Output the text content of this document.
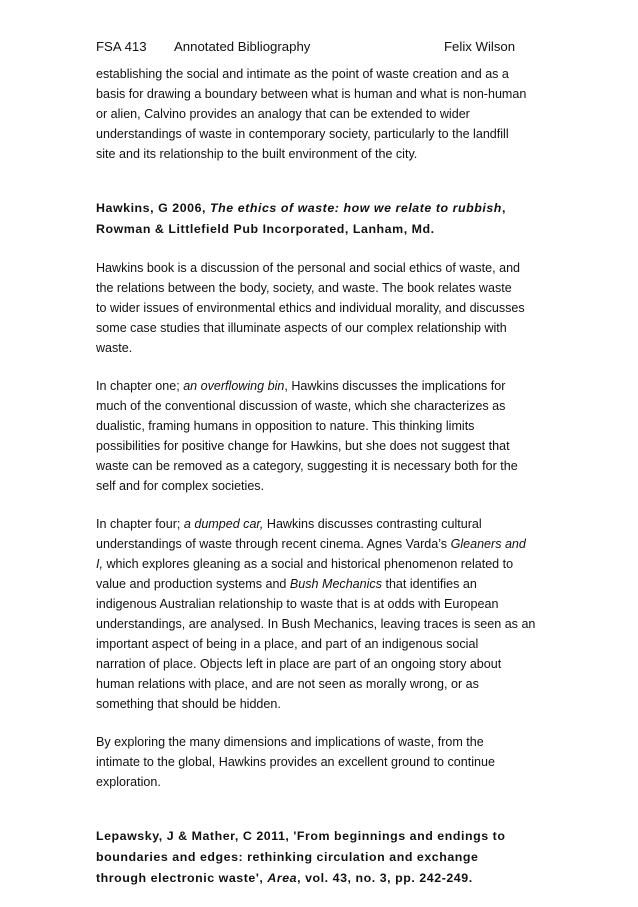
FSA 413 Annotated Bibliography	Felix Wilson

establishing the social and intimate as the point of waste creation and as a
basis for drawing a boundary between what is human and what is non-human
or alien, Calvino provides an analogy that can be extended to wider
understandings of waste in contemporary society, particularly to the landfill
site and its relationship to the built environment of the city.

Hawkins, G 2006, The ethics of waste: how we relate to rubbish,
Rowman & Littlefield Pub Incorporated, Lanham, Md.

Hawkins book is a discussion of the personal and social ethics of waste, and
the relations between the body, society, and waste. The book relates waste
to wider issues of environmental ethics and individual morality, and discusses
some case studies that illuminate aspects of our complex relationship with
waste.

In chapter one; an overflowing bin, Hawkins discusses the implications for
much of the conventional discussion of waste, which she characterizes as
dualistic, framing humans in opposition to nature. This thinking limits
possibilities for positive change for Hawkins, but she does not suggest that
waste can be removed as a category, suggesting it is necessary both for the
self and for complex societies.

In chapter four; a dumped car, Hawkins discusses contrasting cultural
understandings of waste through recent cinema. Agnes Varda’s Gleaners and
I, which explores gleaning as a social and historical phenomenon related to
value and production systems and Bush Mechanics that identifies an
indigenous Australian relationship to waste that is at odds with European
understandings, are analysed. In Bush Mechanics, leaving traces is seen as an
important aspect of being in a place, and part of an indigenous social
narration of place. Objects left in place are part of an ongoing story about
human relations with place, and are not seen as morally wrong, or as
something that should be hidden.

By exploring the many dimensions and implications of waste, from the
intimate to the global, Hawkins provides an excellent ground to continue
exploration.

Lepawsky, J & Mather, C 2011, 'From beginnings and endings to
boundaries and edges: rethinking circulation and exchange
through electronic waste', Area, vol. 43, no. 3, pp. 242-249.
